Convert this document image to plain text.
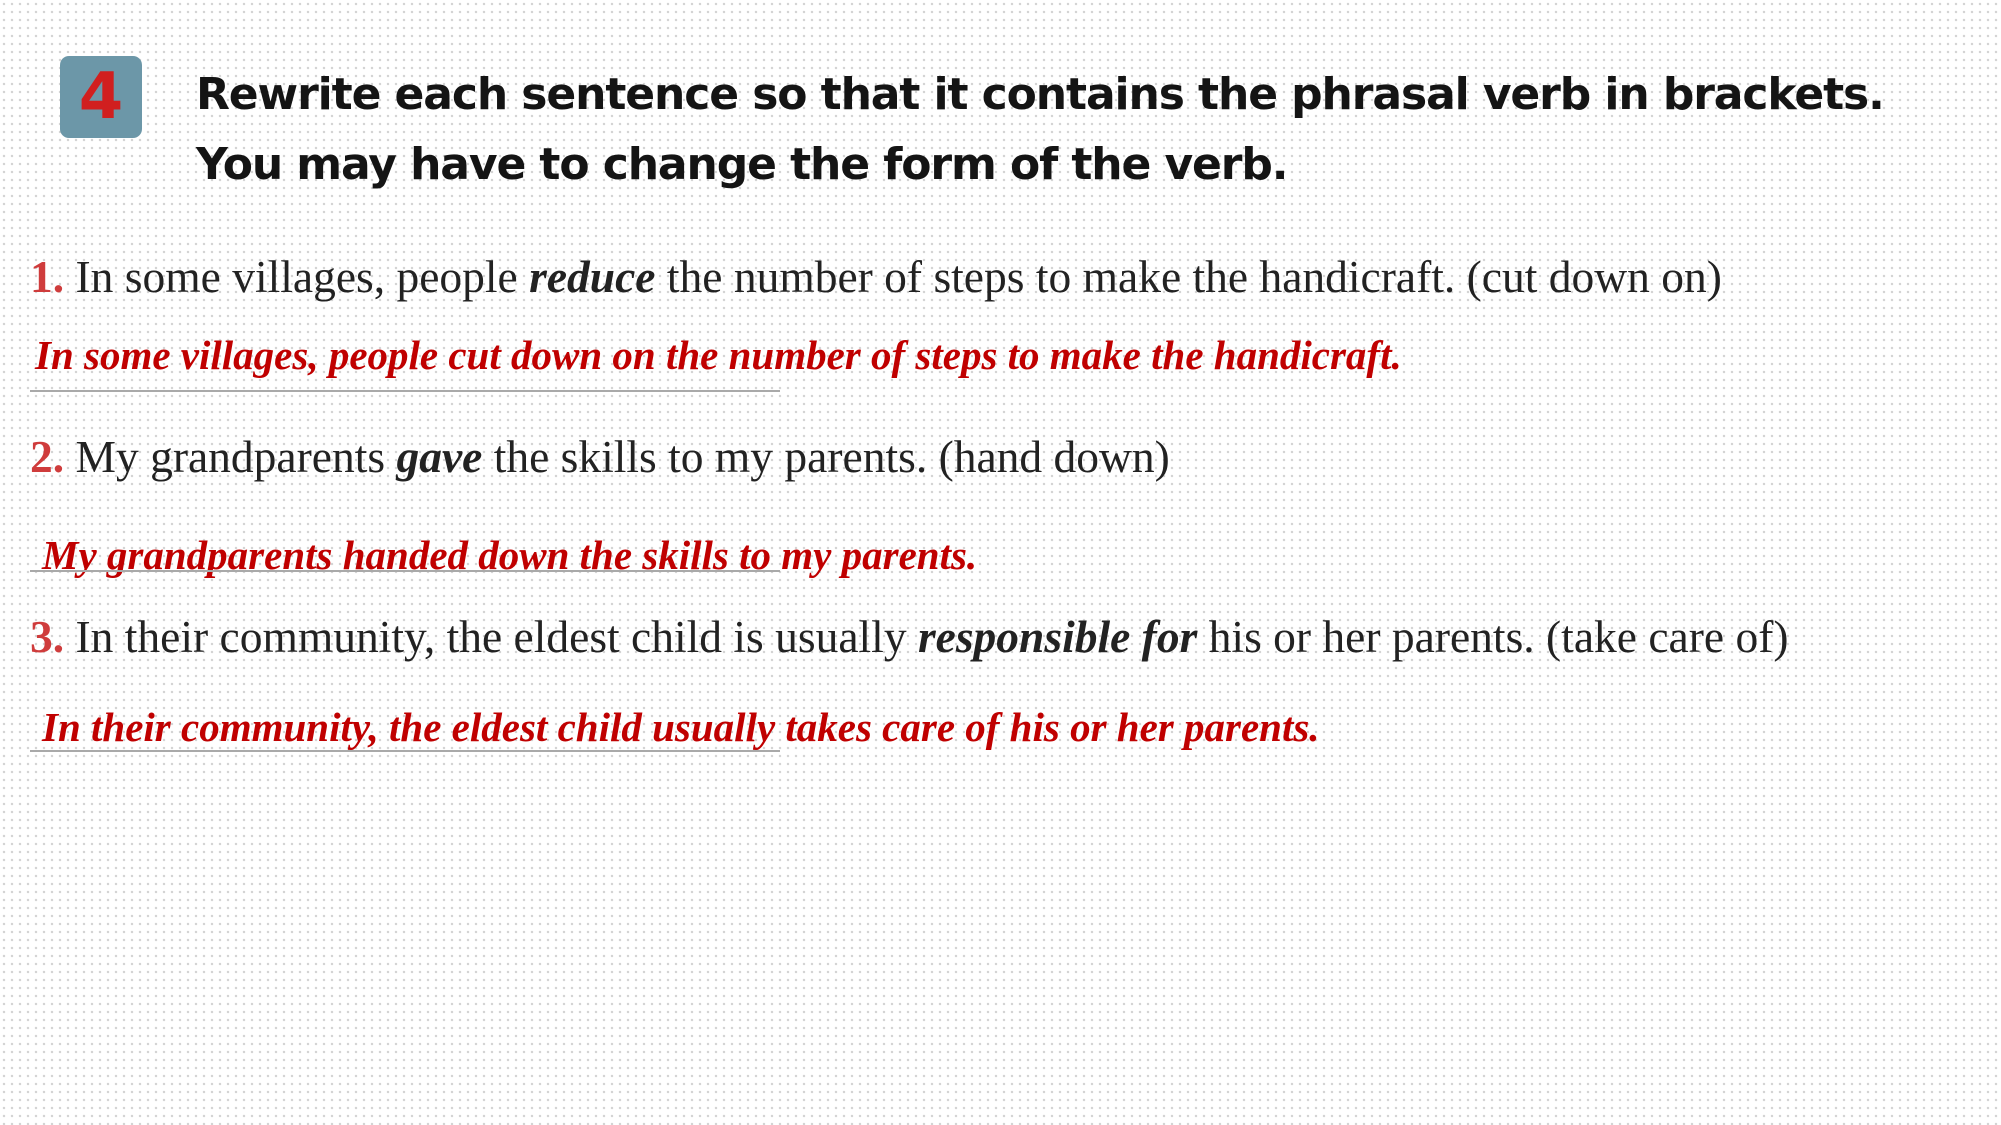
4 Rewrite each sentence so that it contains the phrasal verb in brackets.
You may have to change the form of the verb.
1. In some villages, people reduce the number of steps to make the handicraft. (cut down on)
In some villages, people cut down on the number of steps to make the handicraft.
2. My grandparents gave the skills to my parents. (hand down)
My grandparents handed down the skills to my parents.
3. In their community, the eldest child is usually responsible for his or her parents. (take care of)
In their community, the eldest child usually takes care of his or her parents.
